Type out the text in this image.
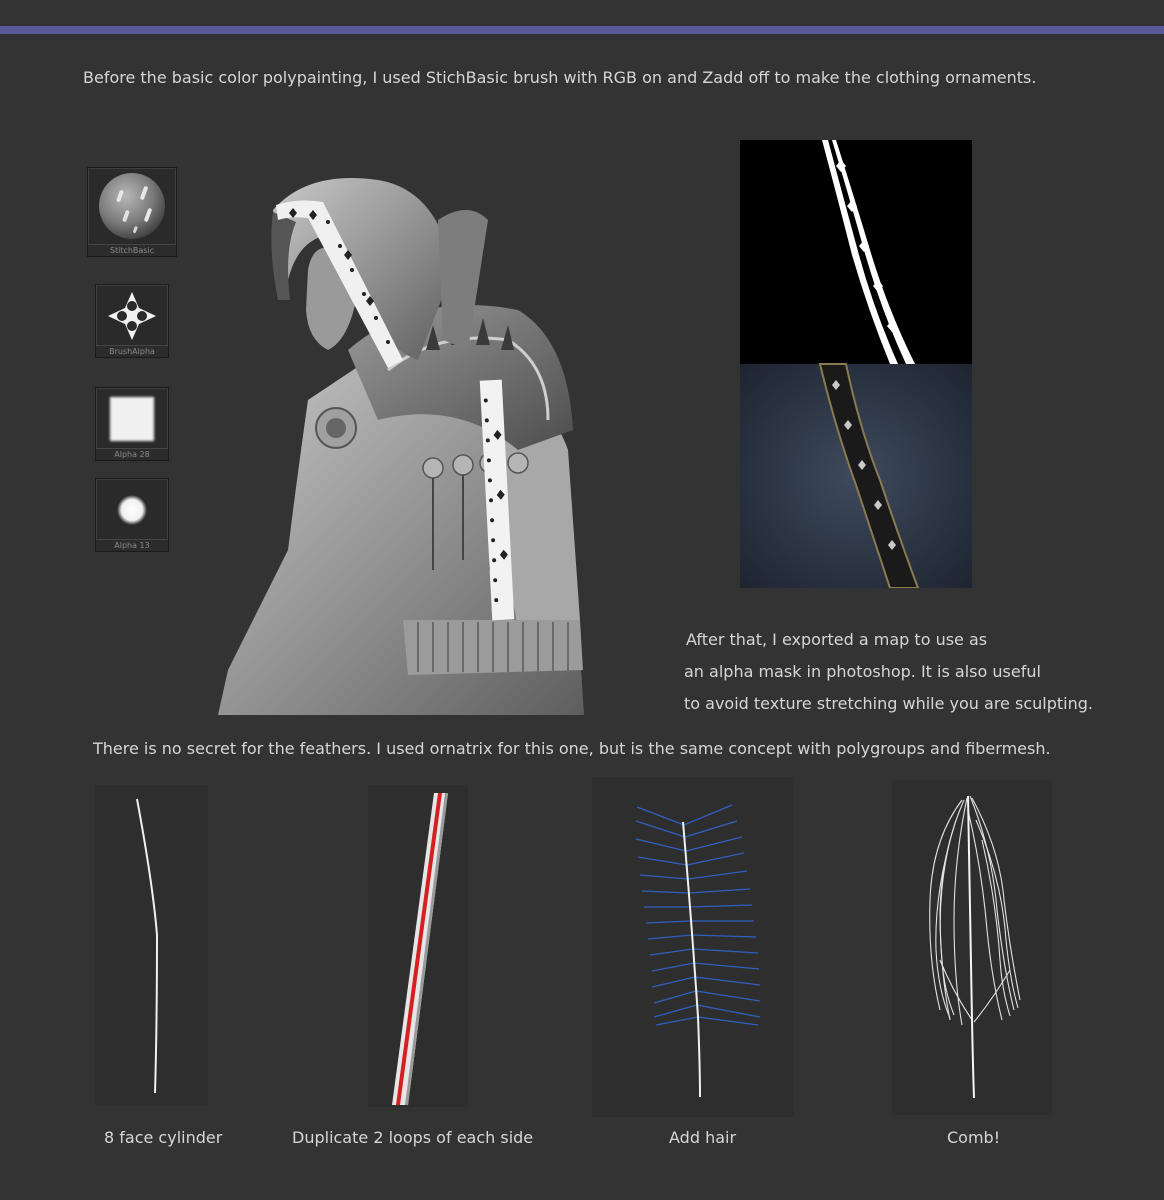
Before the basic color polypainting, I used StichBasic brush with RGB on and Zadd off to make the clothing ornaments.
StitchBasic
BrushAlpha
Alpha 28
Alpha 13
After that, I exported a map to use as
an alpha mask in photoshop. It is also useful
to avoid texture stretching while you are sculpting.
There is no secret for the feathers. I used ornatrix for this one, but is the same concept with polygroups and fibermesh.
8 face cylinder	Duplicate 2 loops of each side	Add hair	Comb!
